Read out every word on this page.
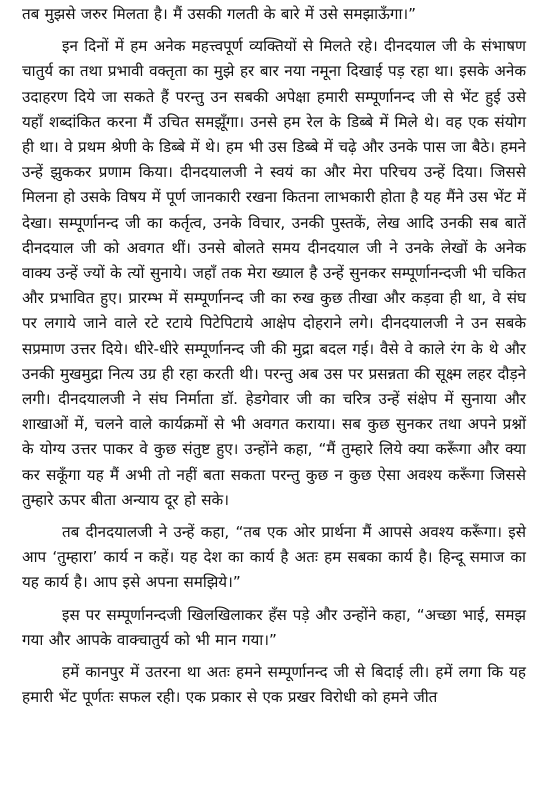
तब मुझसे जरुर मिलता है। मैं उसकी गलती के बारे में उसे समझाऊँगा।”

इन दिनों में हम अनेक महत्त्वपूर्ण व्यक्तियों से मिलते रहे। दीनदयाल जी के संभाषण चातुर्य का तथा प्रभावी वक्तृता का मुझे हर बार नया नमूना दिखाई पड़ रहा था। इसके अनेक उदाहरण दिये जा सकते हैं परन्तु उन सबकी अपेक्षा हमारी सम्पूर्णानन्द जी से भेंट हुई उसे यहाँ शब्दांकित करना मैं उचित समझूँगा। उनसे हम रेल के डिब्बे में मिले थे। वह एक संयोग ही था। वे प्रथम श्रेणी के डिब्बे में थे। हम भी उस डिब्बे में चढ़े और उनके पास जा बैठे। हमने उन्हें झुककर प्रणाम किया। दीनदयालजी ने स्वयं का और मेरा परिचय उन्हें दिया। जिससे मिलना हो उसके विषय में पूर्ण जानकारी रखना कितना लाभकारी होता है यह मैंने उस भेंट में देखा। सम्पूर्णानन्द जी का कर्तृत्व, उनके विचार, उनकी पुस्तकें, लेख आदि उनकी सब बातें दीनदयाल जी को अवगत थीं। उनसे बोलते समय दीनदयाल जी ने उनके लेखों के अनेक वाक्य उन्हें ज्यों के त्यों सुनाये। जहाँ तक मेरा ख्याल है उन्हें सुनकर सम्पूर्णानन्दजी भी चकित और प्रभावित हुए। प्रारम्भ में सम्पूर्णानन्द जी का रुख कुछ तीखा और कड़वा ही था, वे संघ पर लगाये जाने वाले रटे रटाये पिटेपिटाये आक्षेप दोहराने लगे। दीनदयालजी ने उन सबके सप्रमाण उत्तर दिये। धीरे-धीरे सम्पूर्णानन्द जी की मुद्रा बदल गई। वैसे वे काले रंग के थे और उनकी मुखमुद्रा नित्य उग्र ही रहा करती थी। परन्तु अब उस पर प्रसन्नता की सूक्ष्म लहर दौड़ने लगी। दीनदयालजी ने संघ निर्माता डॉ. हेडगेवार जी का चरित्र उन्हें संक्षेप में सुनाया और शाखाओं में, चलने वाले कार्यक्रमों से भी अवगत कराया। सब कुछ सुनकर तथा अपने प्रश्नों के योग्य उत्तर पाकर वे कुछ संतुष्ट हुए। उन्होंने कहा, “मैं तुम्हारे लिये क्या करूँगा और क्या कर सकूँगा यह मैं अभी तो नहीं बता सकता परन्तु कुछ न कुछ ऐसा अवश्य करूँगा जिससे तुम्हारे ऊपर बीता अन्याय दूर हो सके।

तब दीनदयालजी ने उन्हें कहा, “तब एक ओर प्रार्थना मैं आपसे अवश्य करूँगा। इसे आप ‘तुम्हारा’ कार्य न कहें। यह देश का कार्य है अतः हम सबका कार्य है। हिन्दू समाज का यह कार्य है। आप इसे अपना समझिये।”

इस पर सम्पूर्णानन्दजी खिलखिलाकर हँस पड़े और उन्होंने कहा, “अच्छा भाई, समझ गया और आपके वाक्चातुर्य को भी मान गया।”

हमें कानपुर में उतरना था अतः हमने सम्पूर्णानन्द जी से बिदाई ली। हमें लगा कि यह हमारी भेंट पूर्णतः सफल रही। एक प्रकार से एक प्रखर विरोधी को हमने जीत
